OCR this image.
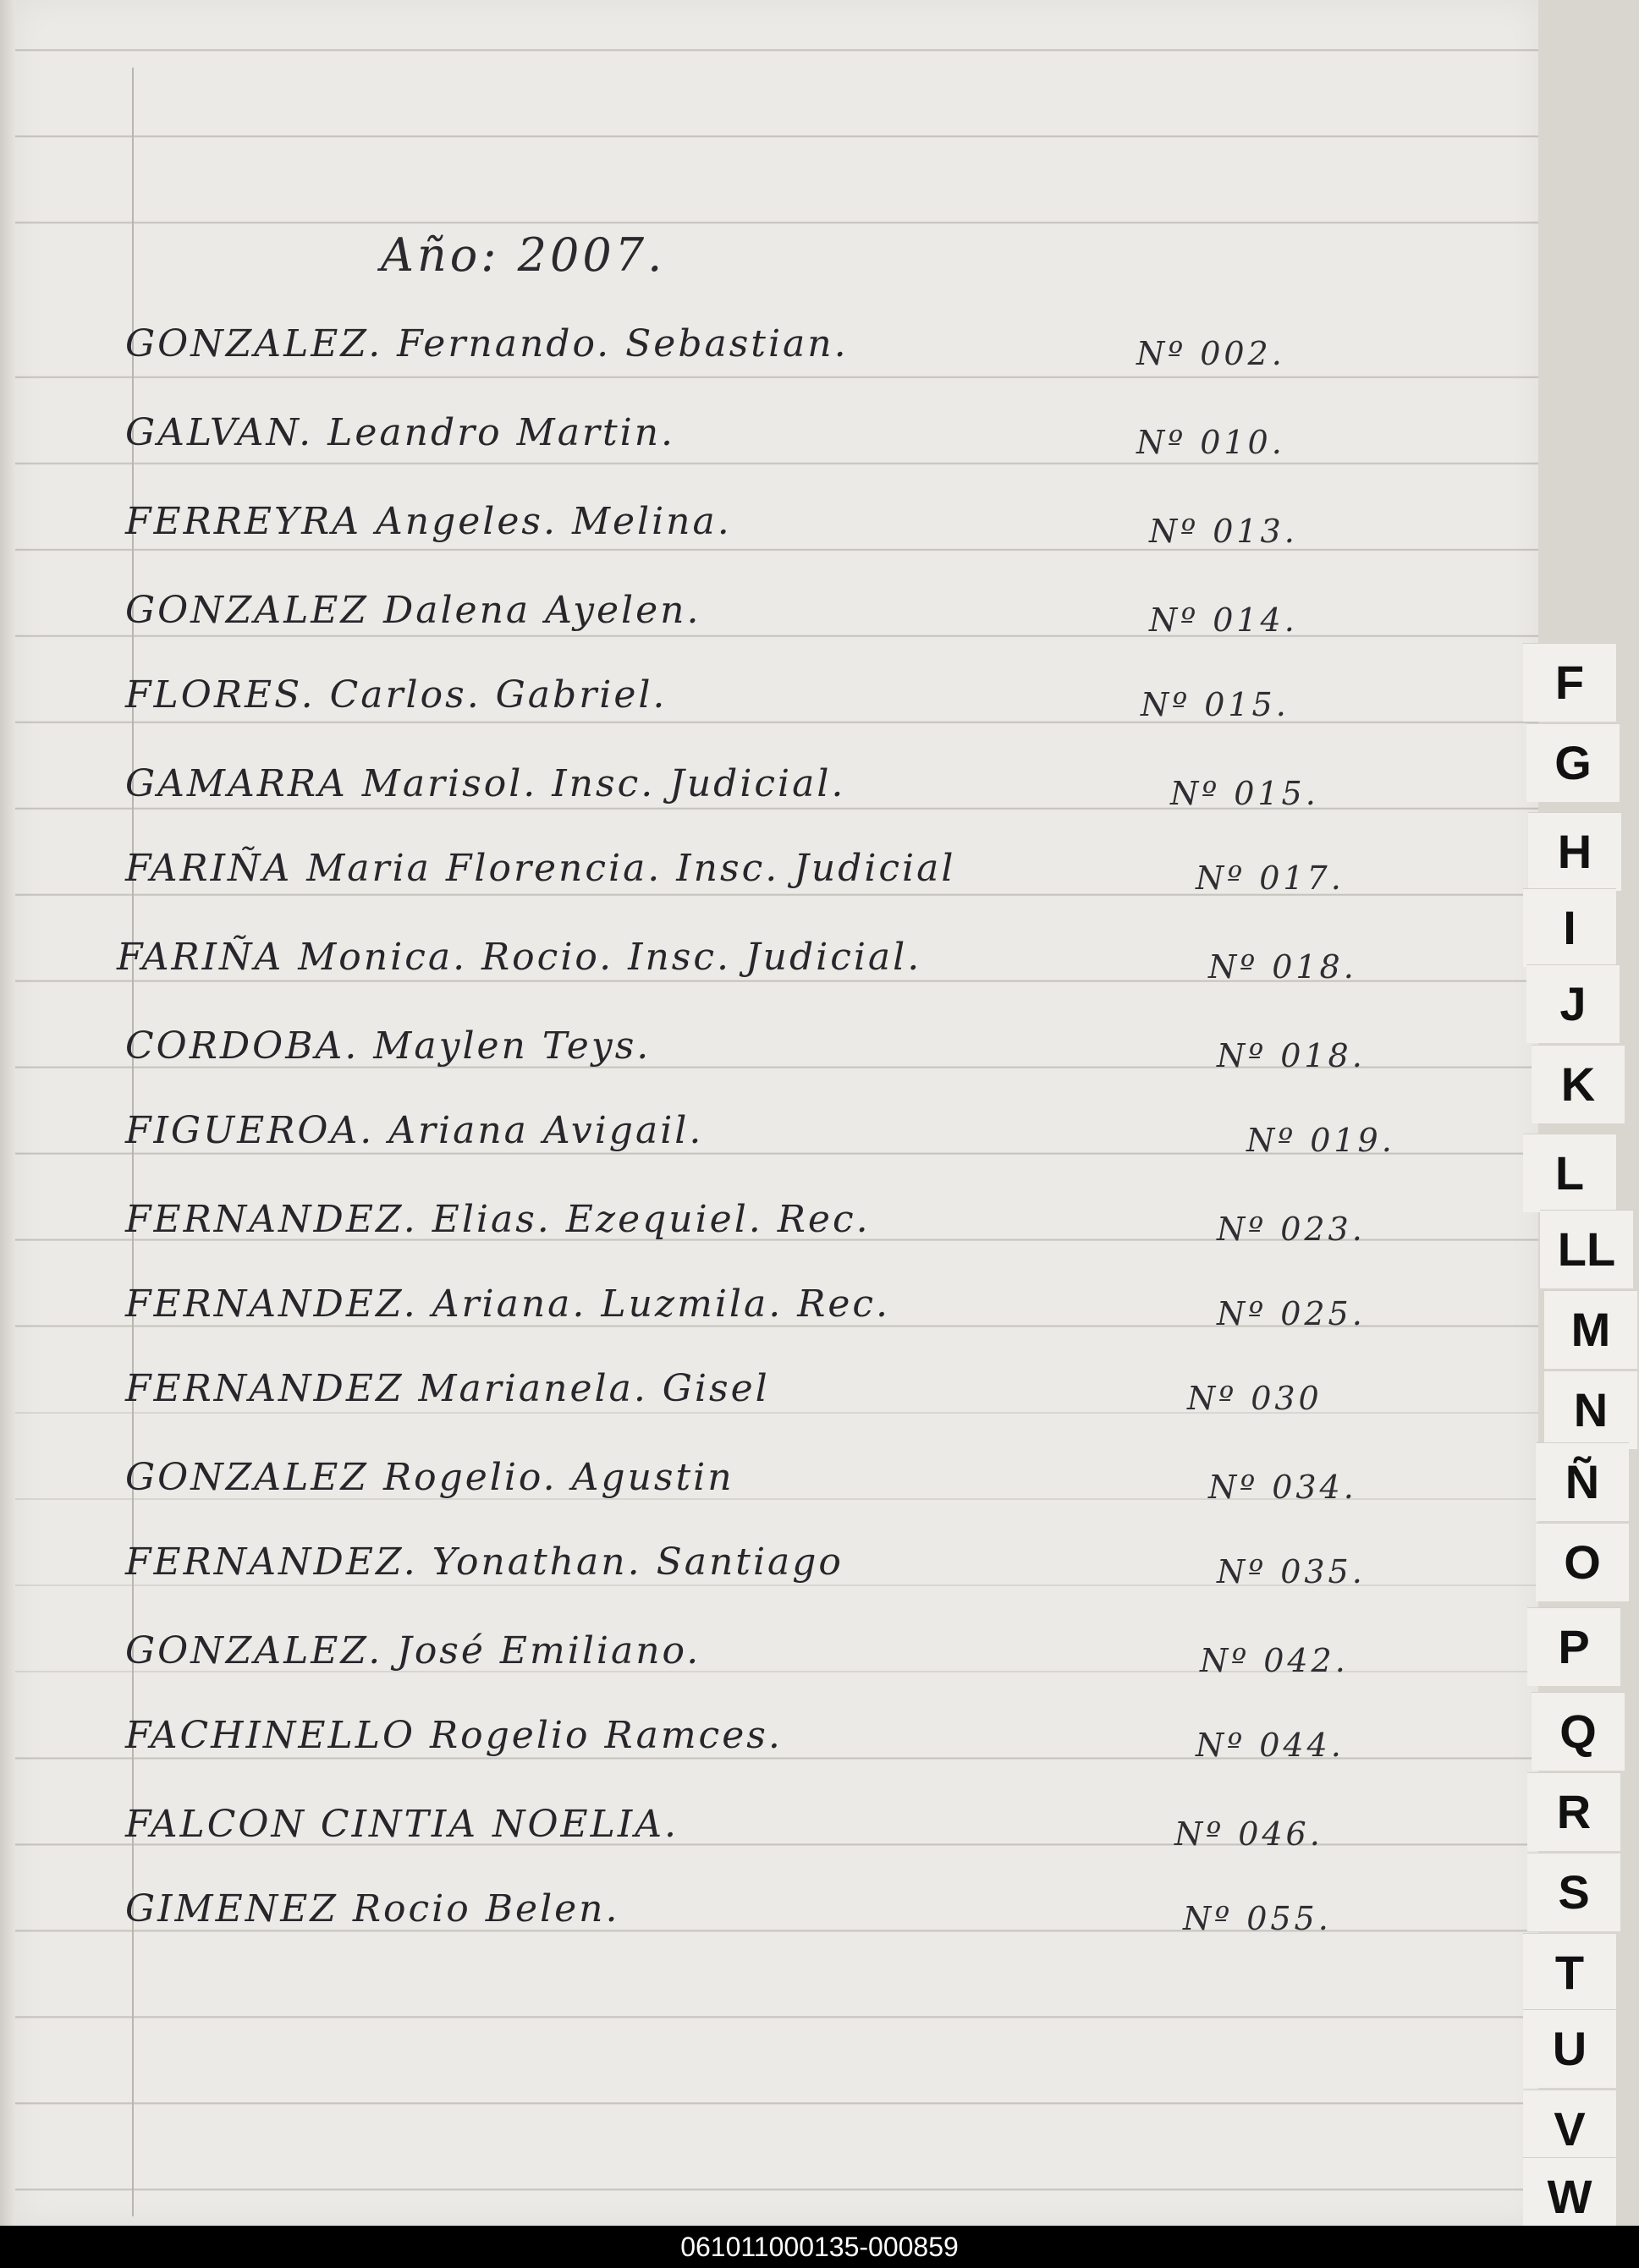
Año: 2007.
GONZALEZ. Fernando. Sebastian.	Nº 002.
GALVAN. Leandro Martin.	Nº 010.
FERREYRA Angeles. Melina.	Nº 013.
GONZALEZ Dalena Ayelen.	Nº 014.
FLORES. Carlos. Gabriel.	Nº 015.
GAMARRA Marisol. Insc. Judicial.	Nº 015.
FARIÑA Maria Florencia. Insc. Judicial	Nº 017.
FARIÑA Monica. Rocio. Insc. Judicial.	Nº 018.
CORDOBA. Maylen Teys.	Nº 018.
FIGUEROA. Ariana Avigail.	Nº 019.
FERNANDEZ. Elias. Ezequiel. Rec.	Nº 023.
FERNANDEZ. Ariana. Luzmila. Rec.	Nº 025.
FERNANDEZ Marianela. Gisel	Nº 030
GONZALEZ Rogelio. Agustin	Nº 034.
FERNANDEZ. Yonathan. Santiago	Nº 035.
GONZALEZ. José Emiliano.	Nº 042.
FACHINELLO Rogelio Ramces.	Nº 044.
FALCON CINTIA NOELIA.	Nº 046.
GIMENEZ Rocio Belen.	Nº 055.
F
G
H
I
J
K
L
LL
M
N
Ñ
O
P
Q
R
S
T
U
V
W
061011000135-000859
